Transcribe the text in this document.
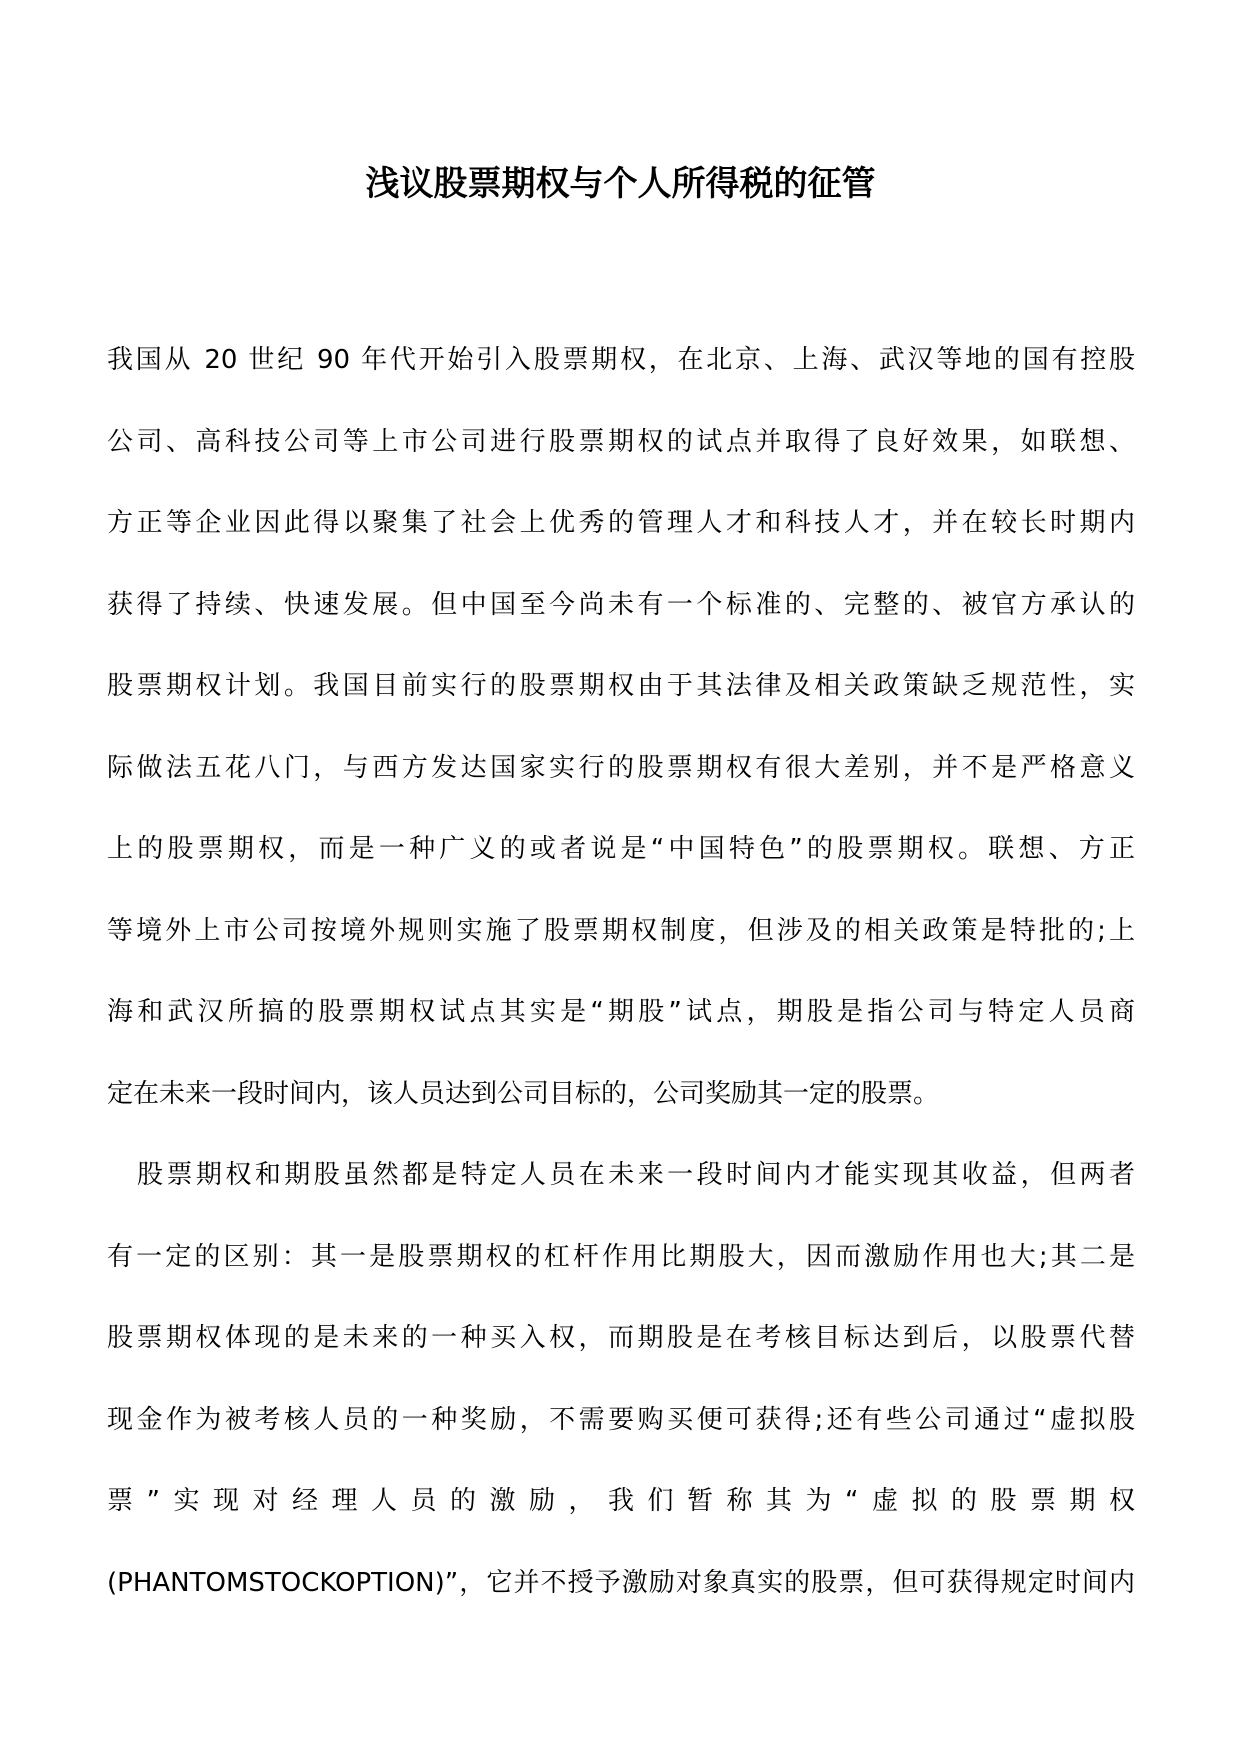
浅议股票期权与个人所得税的征管
我国从 20 世纪 90 年代开始引入股票期权，在北京、上海、武汉等地的国有控股
公司、高科技公司等上市公司进行股票期权的试点并取得了良好效果，如联想、
方正等企业因此得以聚集了社会上优秀的管理人才和科技人才，并在较长时期内
获得了持续、快速发展。但中国至今尚未有一个标准的、完整的、被官方承认的
股票期权计划。我国目前实行的股票期权由于其法律及相关政策缺乏规范性，实
际做法五花八门，与西方发达国家实行的股票期权有很大差别，并不是严格意义
上的股票期权，而是一种广义的或者说是“中国特色”的股票期权。联想、方正
等境外上市公司按境外规则实施了股票期权制度，但涉及的相关政策是特批的;上
海和武汉所搞的股票期权试点其实是“期股”试点，期股是指公司与特定人员商
定在未来一段时间内，该人员达到公司目标的，公司奖励其一定的股票。
股票期权和期股虽然都是特定人员在未来一段时间内才能实现其收益，但两者
有一定的区别：其一是股票期权的杠杆作用比期股大，因而激励作用也大;其二是
股票期权体现的是未来的一种买入权，而期股是在考核目标达到后，以股票代替
现金作为被考核人员的一种奖励，不需要购买便可获得;还有些公司通过“虚拟股
票”实现对经理人员的激励，我们暂称其为“虚拟的股票期权
(PHANTOMSTOCKOPTION)”，它并不授予激励对象真实的股票，但可获得规定时间内
